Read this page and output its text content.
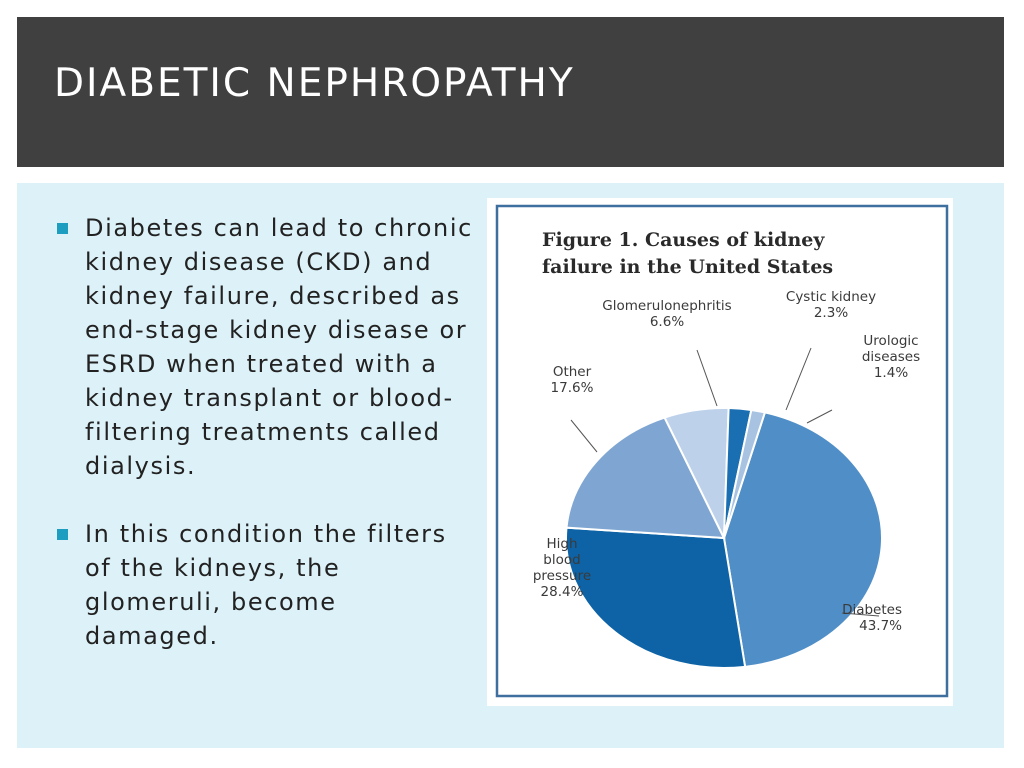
DIABETIC NEPHROPATHY
Diabetes can lead to chronic kidney disease (CKD) and kidney failure, described as end-stage kidney disease or ESRD when treated with a kidney transplant or blood-filtering treatments called dialysis.
In this condition the filters of the kidneys, the glomeruli, become damaged.
Figure 1. Causes of kidney
failure in the United States
Diabetes 43.7%
High blood pressure 28.4%
Other 17.6%
Glomerulonephritis 6.6%
Cystic kidney 2.3%
Urologic diseases 1.4%
